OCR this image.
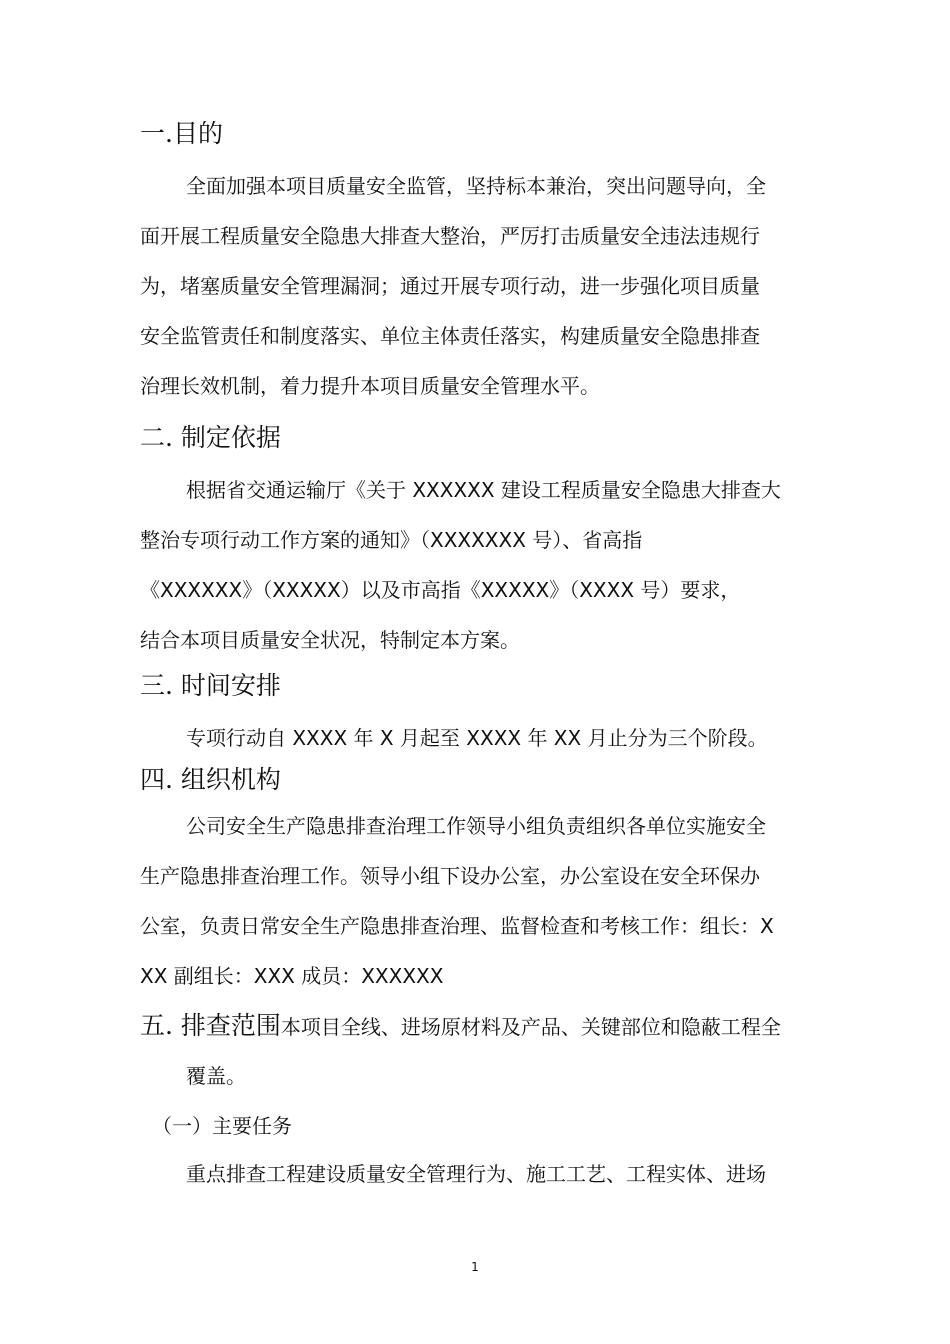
一.目的
全面加强本项目质量安全监管，坚持标本兼治，突出问题导向，全
面开展工程质量安全隐患大排查大整治，严厉打击质量安全违法违规行
为，堵塞质量安全管理漏洞；通过开展专项行动，进一步强化项目质量
安全监管责任和制度落实、单位主体责任落实，构建质量安全隐患排查
治理长效机制，着力提升本项目质量安全管理水平。
二. 制定依据
根据省交通运输厅《关于 XXXXXX 建设工程质量安全隐患大排查大
整治专项行动工作方案的通知》（XXXXXXX 号）、省高指
《XXXXXX》（XXXXX）以及市高指《XXXXX》（XXXX 号）要求，
结合本项目质量安全状况，特制定本方案。
三. 时间安排
专项行动自 XXXX 年 X 月起至 XXXX 年 XX 月止分为三个阶段。
四. 组织机构
公司安全生产隐患排查治理工作领导小组负责组织各单位实施安全
生产隐患排查治理工作。领导小组下设办公室，办公室设在安全环保办
公室，负责日常安全生产隐患排查治理、监督检查和考核工作：组长：X
XX 副组长：XXX 成员：XXXXXX
五. 排查范围本项目全线、进场原材料及产品、关键部位和隐蔽工程全
覆盖。
（一）主要任务
重点排查工程建设质量安全管理行为、施工工艺、工程实体、进场
1
